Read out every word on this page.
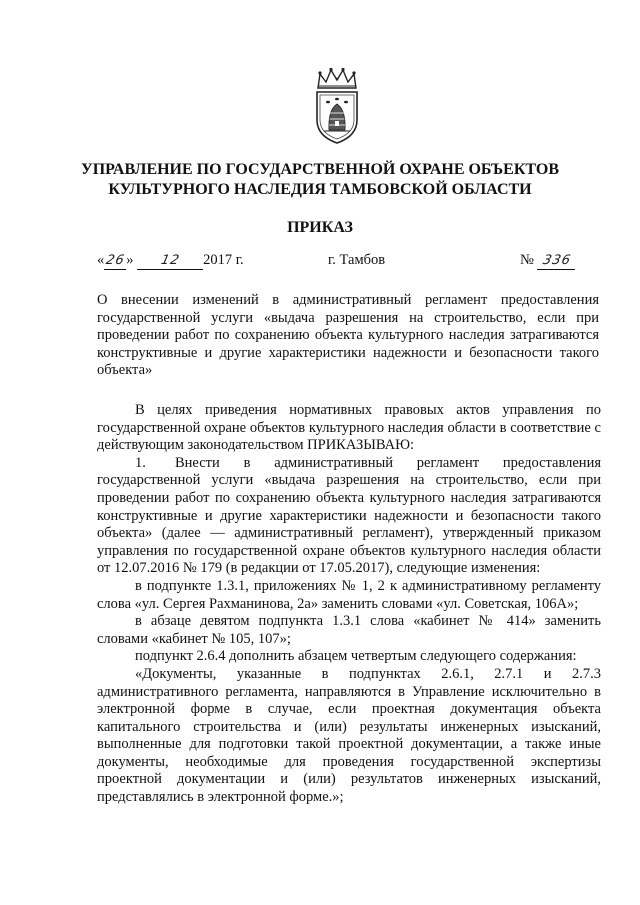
УПРАВЛЕНИЕ ПО ГОСУДАРСТВЕННОЙ ОХРАНЕ ОБЪЕКТОВ
КУЛЬТУРНОГО НАСЛЕДИЯ ТАМБОВСКОЙ ОБЛАСТИ
ПРИКАЗ
«26» 12 2017 г.	г. Тамбов	№ 336
О внесении изменений в административный регламент предоставления государственной услуги «выдача разрешения на строительство, если при проведении работ по сохранению объекта культурного наследия затрагиваются конструктивные и другие характеристики надежности и безопасности такого объекта»

В целях приведения нормативных правовых актов управления по государственной охране объектов культурного наследия области в соответствие с действующим законодательством ПРИКАЗЫВАЮ:

1. Внести в административный регламент предоставления государственной услуги «выдача разрешения на строительство, если при проведении работ по сохранению объекта культурного наследия затрагиваются конструктивные и другие характеристики надежности и безопасности такого объекта» (далее — административный регламент), утвержденный приказом управления по государственной охране объектов культурного наследия области от 12.07.2016 № 179 (в редакции от 17.05.2017), следующие изменения:

в подпункте 1.3.1, приложениях № 1, 2 к административному регламенту слова «ул. Сергея Рахманинова, 2а» заменить словами «ул. Советская, 106А»;

в абзаце девятом подпункта 1.3.1 слова «кабинет № 414» заменить словами «кабинет № 105, 107»;

подпункт 2.6.4 дополнить абзацем четвертым следующего содержания:

«Документы, указанные в подпунктах 2.6.1, 2.7.1 и 2.7.3 административного регламента, направляются в Управление исключительно в электронной форме в случае, если проектная документация объекта капитального строительства и (или) результаты инженерных изысканий, выполненные для подготовки такой проектной документации, а также иные документы, необходимые для проведения государственной экспертизы проектной документации и (или) результатов инженерных изысканий, представлялись в электронной форме.»;
